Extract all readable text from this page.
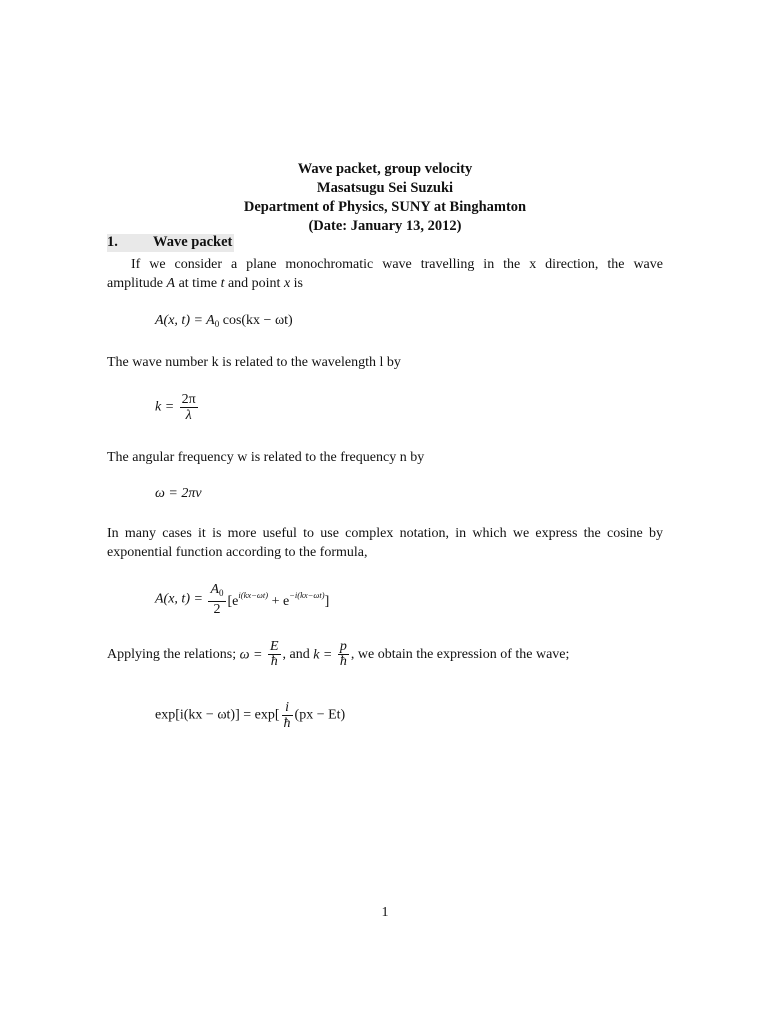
Wave packet, group velocity
Masatsugu Sei Suzuki
Department of Physics, SUNY at Binghamton
(Date: January 13, 2012)
1. Wave packet
If we consider a plane monochromatic wave travelling in the x direction, the wave
amplitude A at time t and point x is
A(x, $t) = A_0$ cos(kx − ωt)
The wave number k is related to the wavelength l by
$k = \frac{2\pi}{\lambda}$
The angular frequency w is related to the frequency n by
ω = 2πν
In many cases it is more useful to use complex notation, in which we express the cosine by
exponential function according to the formula,
A(x, $t) = \frac{A_0}{2} [e^{i(kx-\omega t)} + e^{-i(kx-\omega t)}]$
Applying the relations; $\omega = \frac{E}{ħ}$ , and $k = \frac{p}{ħ}$ , we obtain the expression of the wave;
$\exp[i(kx - \omega t)] = \exp[ \frac{i}{ħ} (px - Et)$
1
